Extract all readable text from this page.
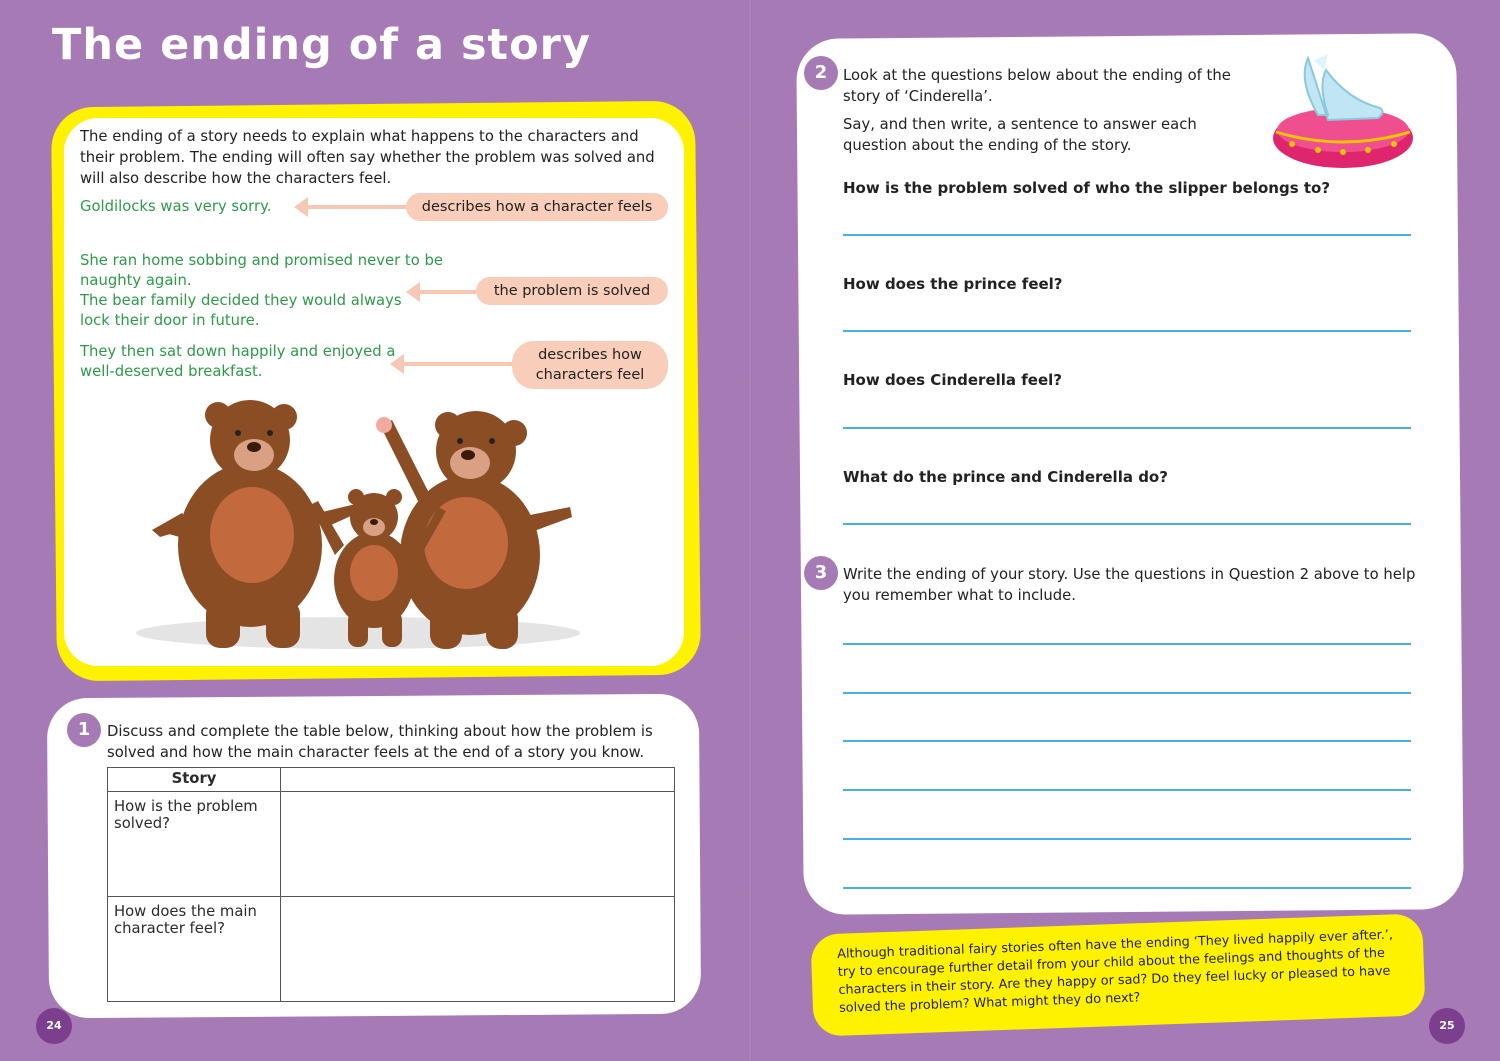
The ending of a story

The ending of a story needs to explain what happens to the characters and their problem. The ending will often say whether the problem was solved and will also describe how the characters feel.

Goldilocks was very sorry.	describes how a character feels
She ran home sobbing and promised never to be
naughty again.
The bear family decided they would always
lock their door in future.
the problem is solved
They then sat down happily and enjoyed a
well-deserved breakfast.
describes how
characters feel
1	Discuss and complete the table below, thinking about how the problem is
solved and how the main character feels at the end of a story you know.
Story	
How is the problem solved?	
How does the main character feel?	
24
2	Look at the questions below about the ending of the
story of ‘Cinderella’.
Say, and then write, a sentence to answer each
question about the ending of the story.
How is the problem solved of who the slipper belongs to?
How does the prince feel?
How does Cinderella feel?
What do the prince and Cinderella do?
3	Write the ending of your story. Use the questions in Question 2 above to help
you remember what to include.

Although traditional fairy stories often have the ending ‘They lived happily ever after.’, try to encourage further detail from your child about the feelings and thoughts of the characters in their story. Are they happy or sad? Do they feel lucky or pleased to have solved the problem? What might they do next?

25
